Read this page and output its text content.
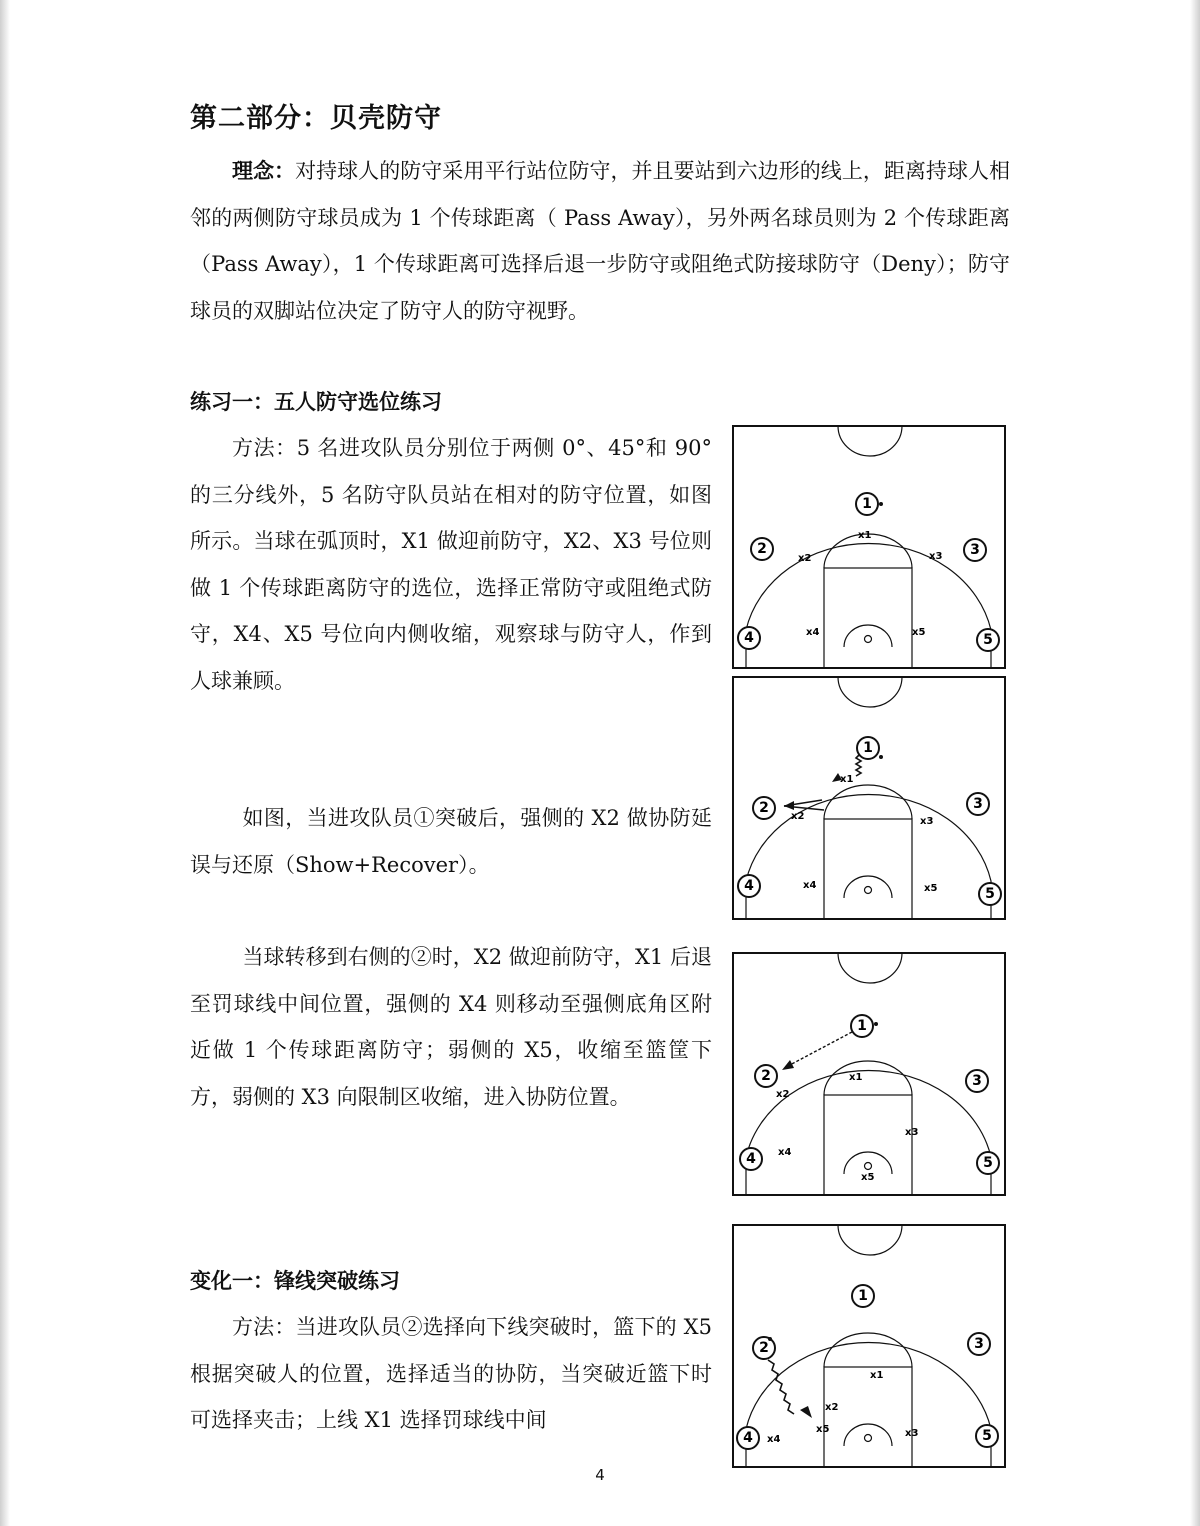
第二部分：贝壳防守

理念：对持球人的防守采用平行站位防守，并且要站到六边形的线上，距离持球人相邻的两侧防守球员成为 1 个传球距离（ Pass Away），另外两名球员则为 2 个传球距离（Pass Away），1 个传球距离可选择后退一步防守或阻绝式防接球防守（Deny）；防守球员的双脚站位决定了防守人的防守视野。

练习一：五人防守选位练习

方法：5 名进攻队员分别位于两侧 0°、45°和 90°的三分线外，5 名防守队员站在相对的防守位置，如图所示。当球在弧顶时，X1 做迎前防守，X2、X3 号位则做 1 个传球距离防守的选位，选择正常防守或阻绝式防守，X4、X5 号位向内侧收缩，观察球与防守人，作到人球兼顾。

如图，当进攻队员①突破后，强侧的 X2 做协防延误与还原（Show+Recover）。

当球转移到右侧的②时，X2 做迎前防守，X1 后退至罚球线中间位置，强侧的 X4 则移动至强侧底角区附近做 1 个传球距离防守；弱侧的 X5，收缩至篮筐下方，弱侧的 X3 向限制区收缩，进入协防位置。

变化一：锋线突破练习

方法：当进攻队员②选择向下线突破时，篮下的 X5 根据突破人的位置，选择适当的协防，当突破近篮下时可选择夹击；上线 X1 选择罚球线中间

1
2	3
4	5
x1
x2	x3
x4	x5
1
2	3
4	5
x1
x2	x3
x4	x5
1
2	3
4	5
x1
x2
x3
x4
x5
1
2	3
4	5
x1
x2
x3
x4
x5

4
